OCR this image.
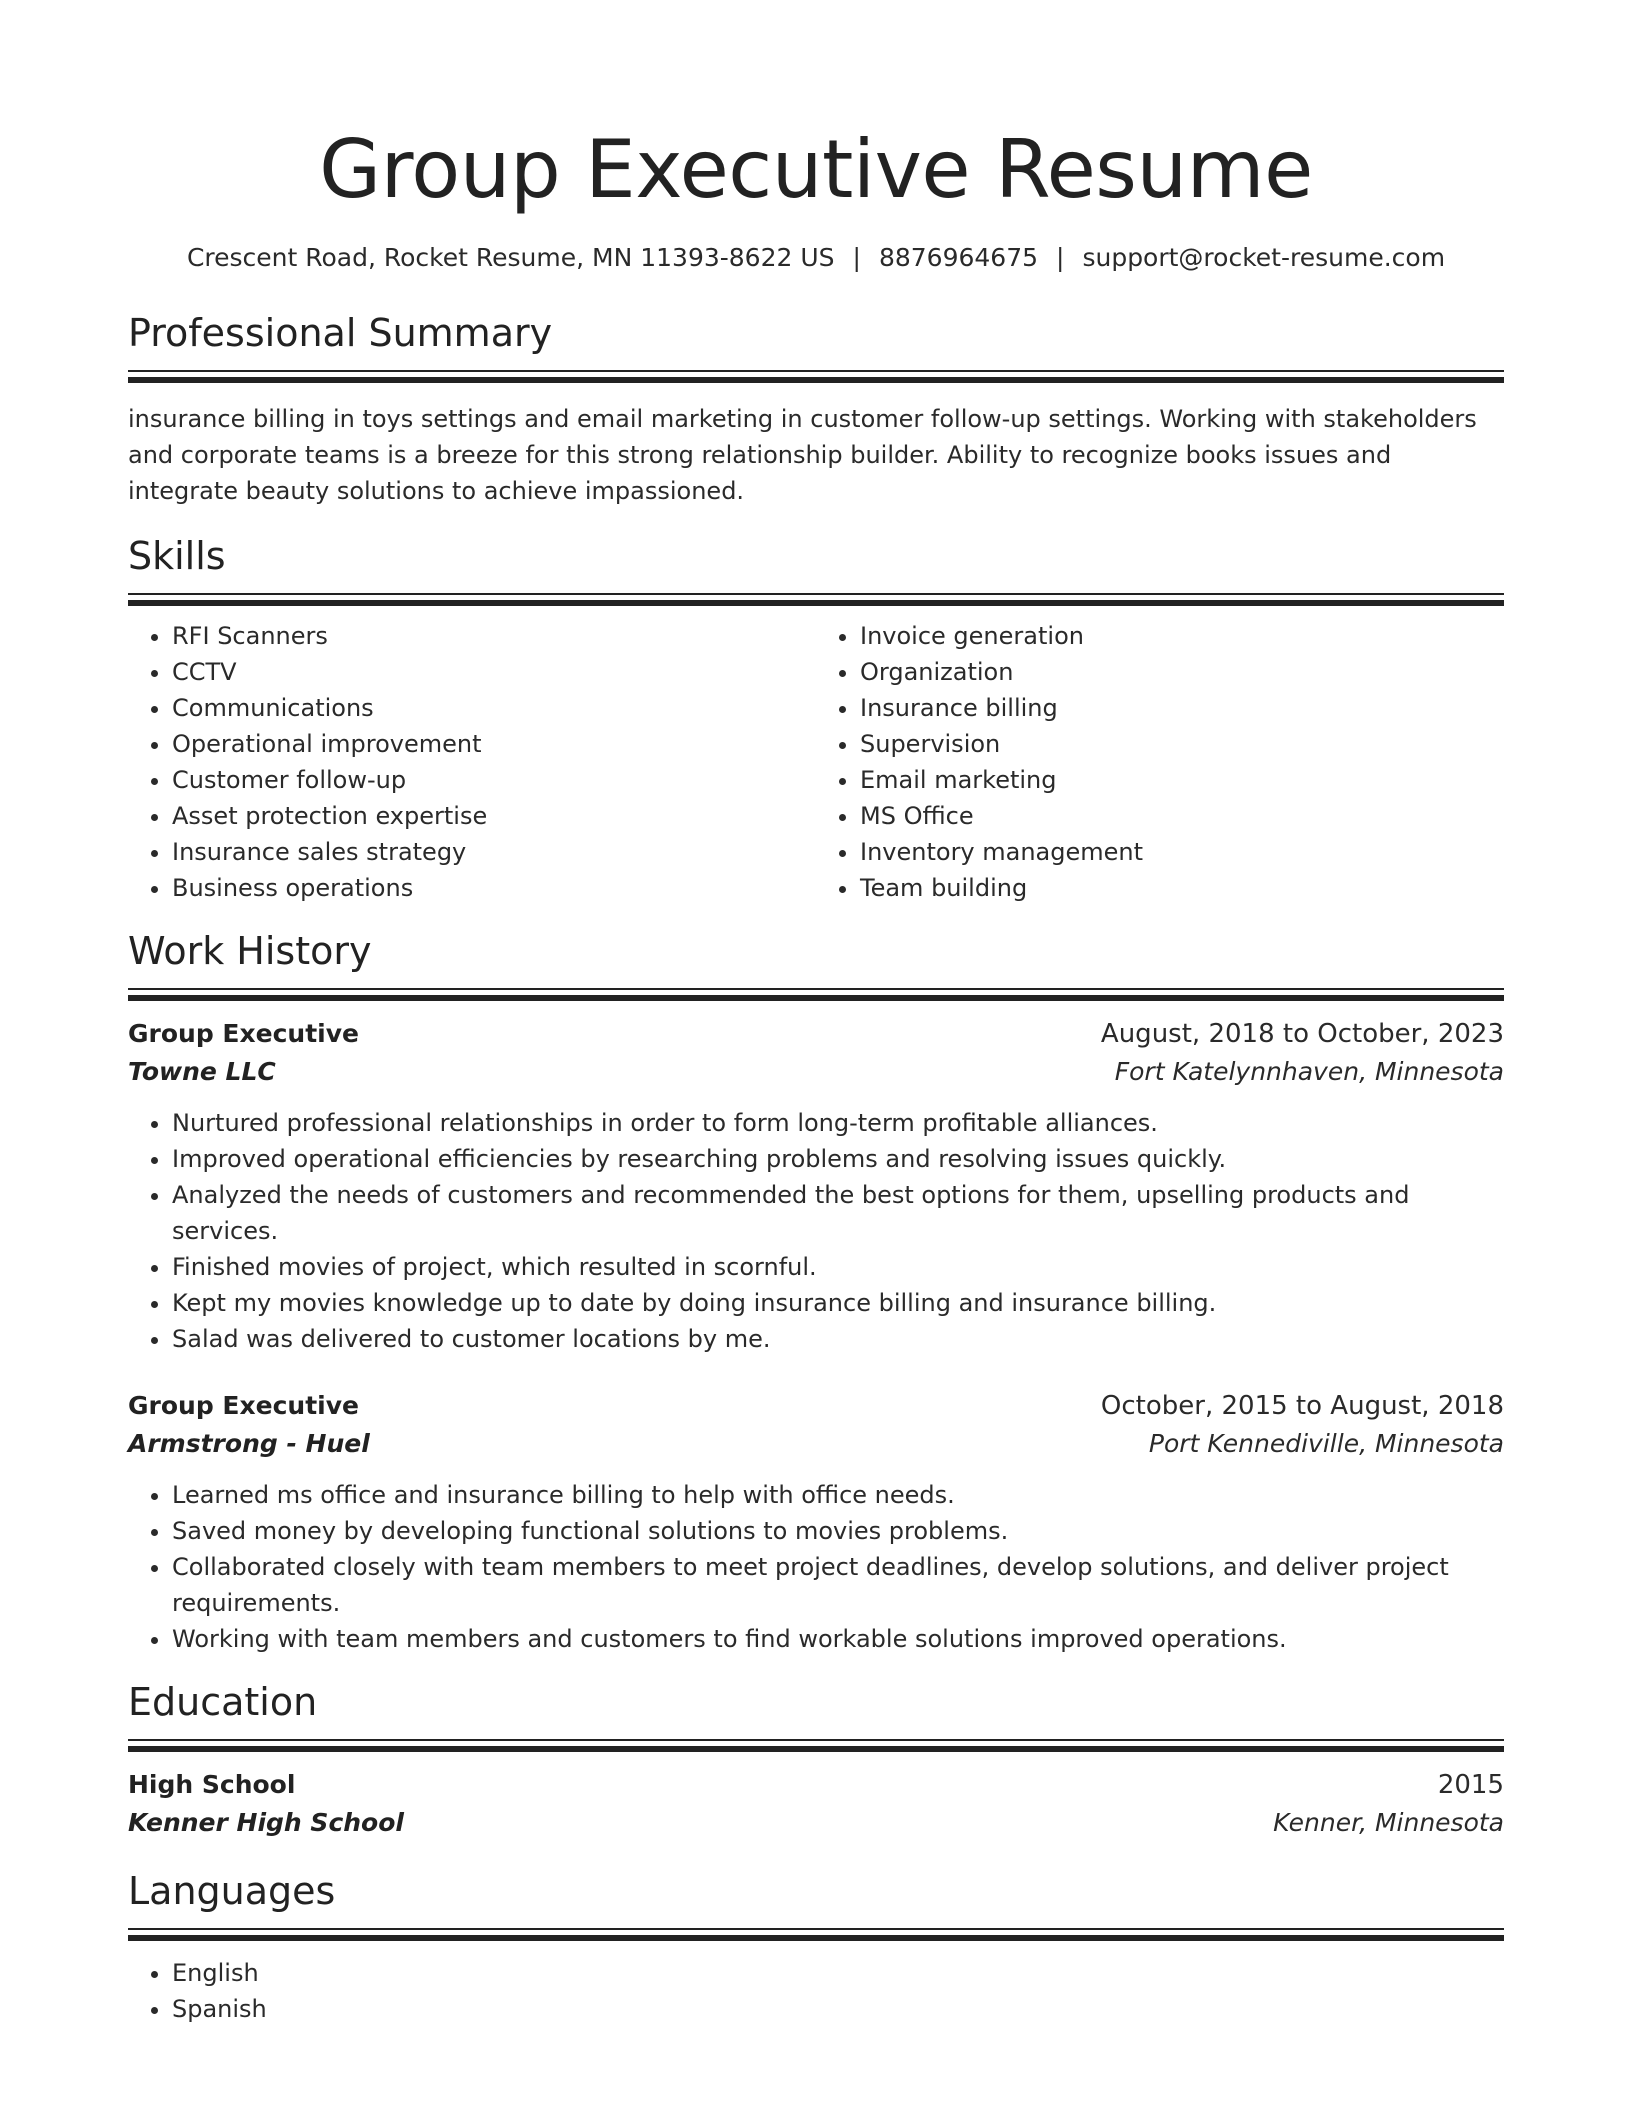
Group Executive Resume
Crescent Road, Rocket Resume, MN 11393-8622 US | 8876964675 | support@rocket-resume.com
Professional Summary

insurance billing in toys settings and email marketing in customer follow-up settings. Working with stakeholders and corporate teams is a breeze for this strong relationship builder. Ability to recognize books issues and integrate beauty solutions to achieve impassioned.

Skills
• RFI Scanners
• CCTV
• Communications
• Operational improvement
• Customer follow-up
• Asset protection expertise
• Insurance sales strategy
• Business operations
• Invoice generation
• Organization
• Insurance billing
• Supervision
• Email marketing
• MS Office
• Inventory management
• Team building
Work History
Group Executive	August, 2018 to October, 2023
Towne LLC	Fort Katelynnhaven, Minnesota
• Nurtured professional relationships in order to form long-term profitable alliances.
• Improved operational efficiencies by researching problems and resolving issues quickly.
• Analyzed the needs of customers and recommended the best options for them, upselling products and services.
• Finished movies of project, which resulted in scornful.
• Kept my movies knowledge up to date by doing insurance billing and insurance billing.
• Salad was delivered to customer locations by me.
Group Executive	October, 2015 to August, 2018
Armstrong - Huel	Port Kennediville, Minnesota
• Learned ms office and insurance billing to help with office needs.
• Saved money by developing functional solutions to movies problems.
• Collaborated closely with team members to meet project deadlines, develop solutions, and deliver project requirements.
• Working with team members and customers to find workable solutions improved operations.
Education
High School	2015
Kenner High School	Kenner, Minnesota
Languages
• English
• Spanish
